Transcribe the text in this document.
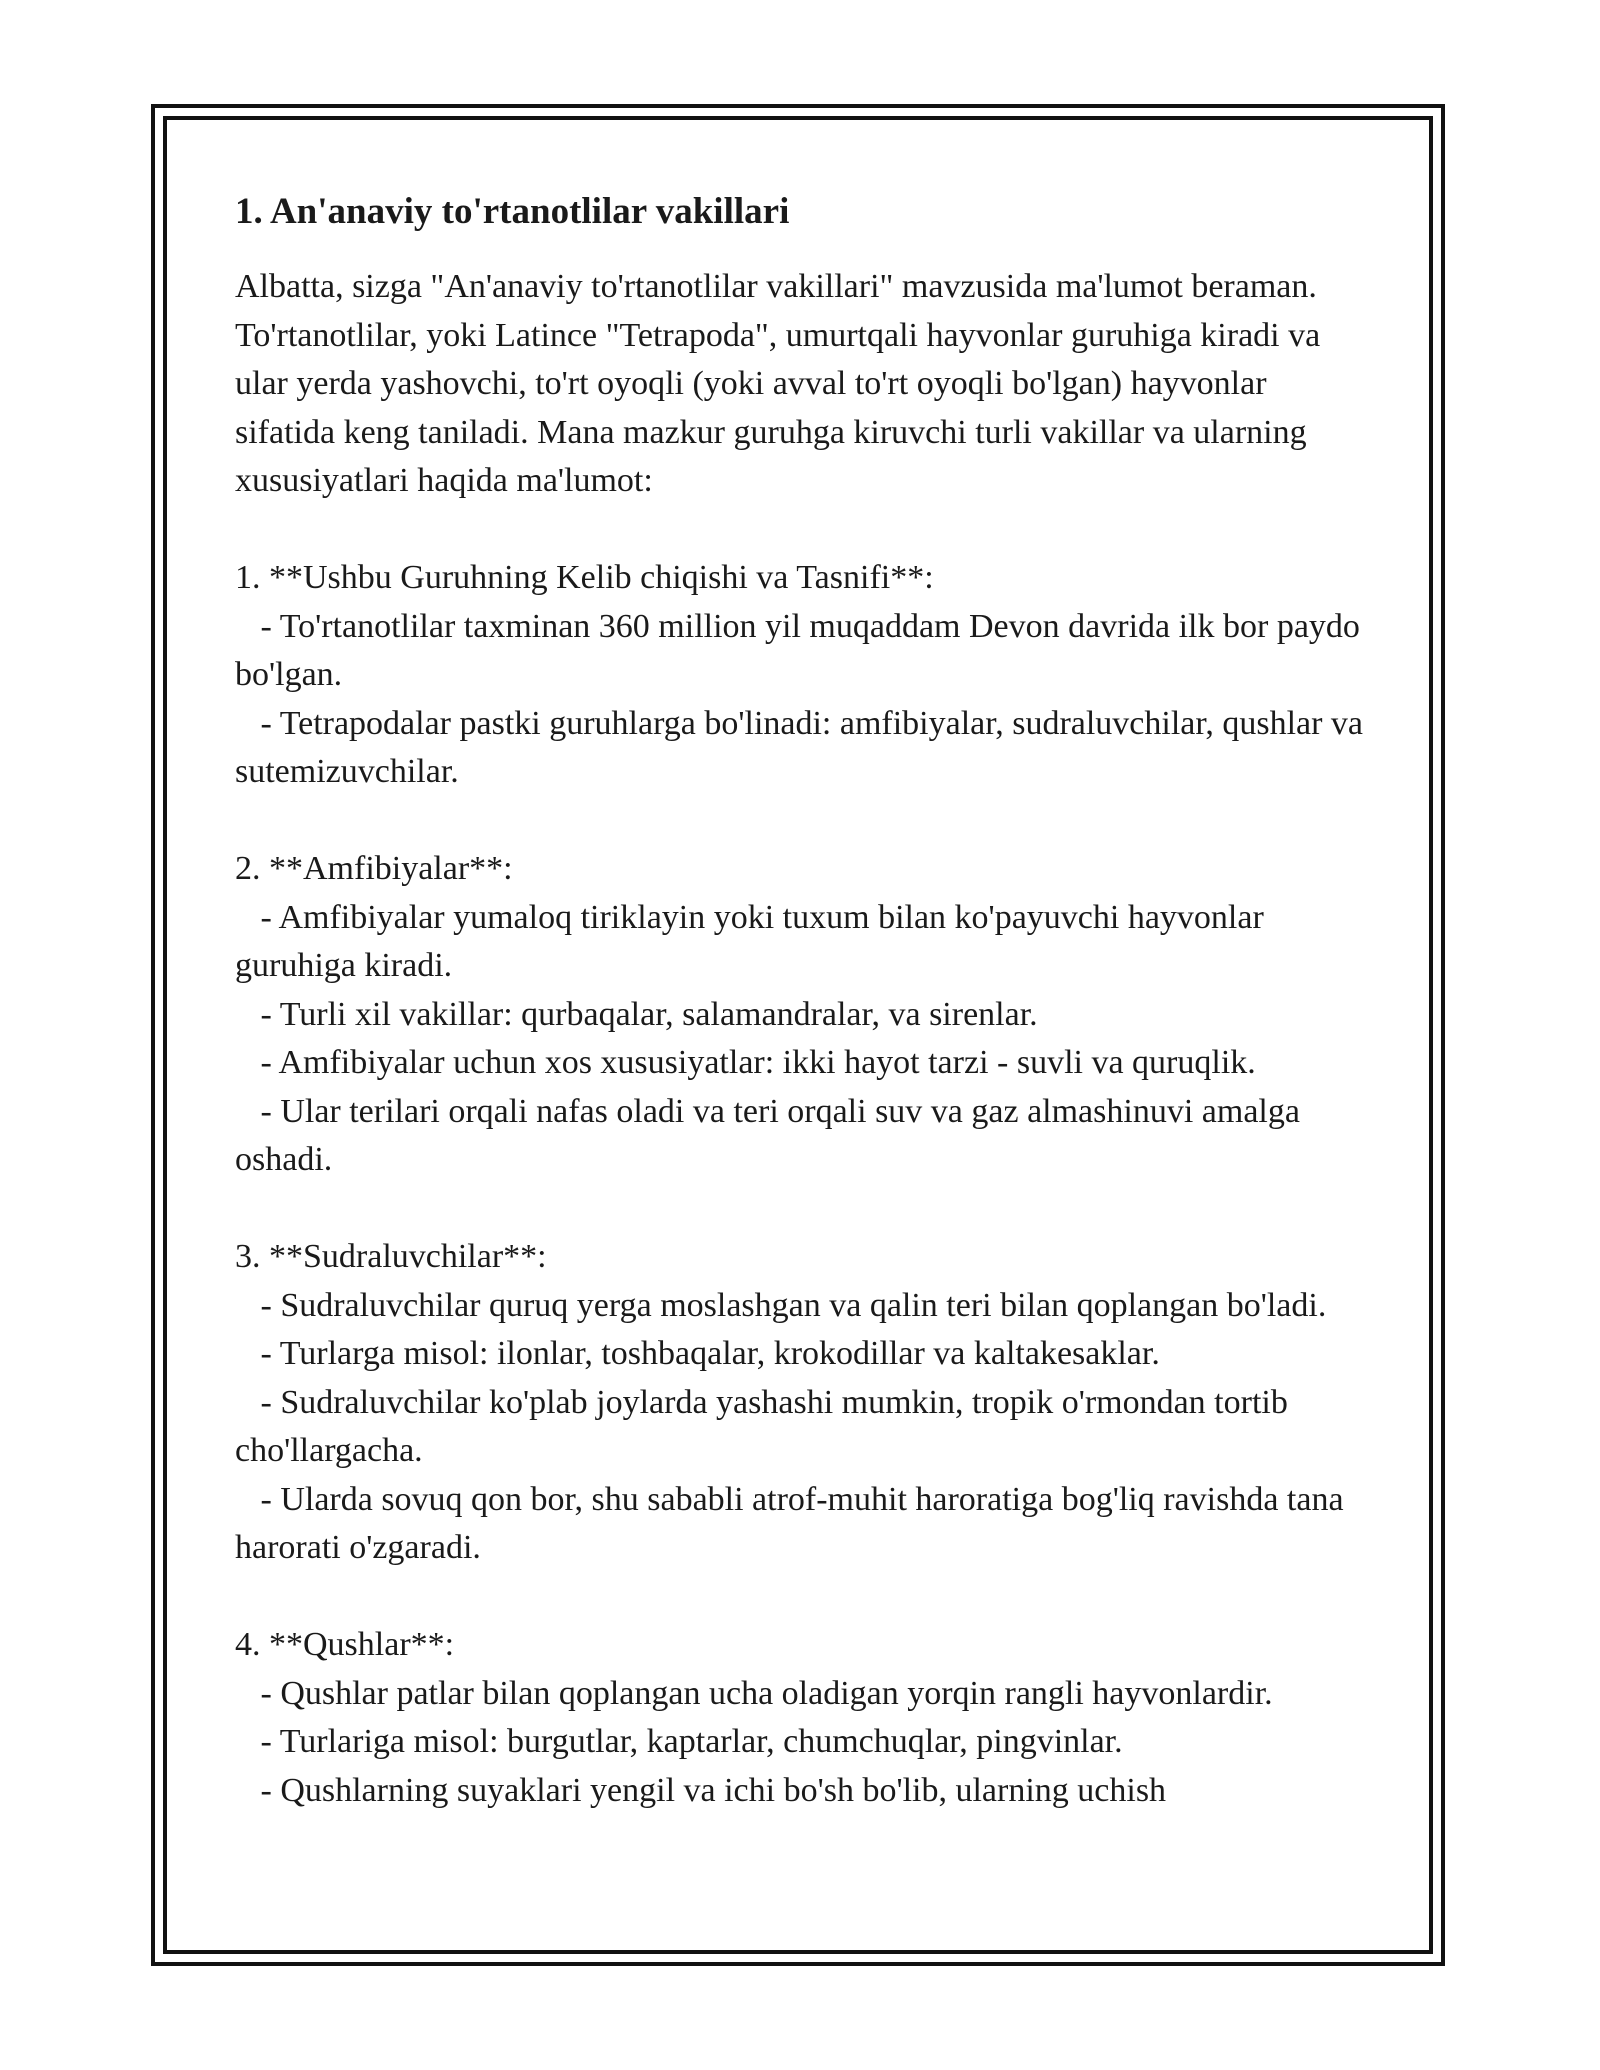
1. An'anaviy to'rtanotlilar vakillari

Albatta, sizga "An'anaviy to'rtanotlilar vakillari" mavzusida ma'lumot beraman. To'rtanotlilar, yoki Latince "Tetrapoda", umurtqali hayvonlar guruhiga kiradi va ular yerda yashovchi, to'rt oyoqli (yoki avval to'rt oyoqli bo'lgan) hayvonlar sifatida keng taniladi. Mana mazkur guruhga kiruvchi turli vakillar va ularning xususiyatlari haqida ma'lumot:

1. **Ushbu Guruhning Kelib chiqishi va Tasnifi**:

- To'rtanotlilar taxminan 360 million yil muqaddam Devon davrida ilk bor paydo bo'lgan.

- Tetrapodalar pastki guruhlarga bo'linadi: amfibiyalar, sudraluvchilar, qushlar va sutemizuvchilar.

2. **Amfibiyalar**:

- Amfibiyalar yumaloq tiriklayin yoki tuxum bilan ko'payuvchi hayvonlar guruhiga kiradi.

- Turli xil vakillar: qurbaqalar, salamandralar, va sirenlar.

- Amfibiyalar uchun xos xususiyatlar: ikki hayot tarzi - suvli va quruqlik.

- Ular terilari orqali nafas oladi va teri orqali suv va gaz almashinuvi amalga oshadi.

3. **Sudraluvchilar**:

- Sudraluvchilar quruq yerga moslashgan va qalin teri bilan qoplangan bo'ladi.

- Turlarga misol: ilonlar, toshbaqalar, krokodillar va kaltakesaklar.

- Sudraluvchilar ko'plab joylarda yashashi mumkin, tropik o'rmondan tortib cho'llargacha.

- Ularda sovuq qon bor, shu sababli atrof-muhit haroratiga bog'liq ravishda tana harorati o'zgaradi.

4. **Qushlar**:

- Qushlar patlar bilan qoplangan ucha oladigan yorqin rangli hayvonlardir.

- Turlariga misol: burgutlar, kaptarlar, chumchuqlar, pingvinlar.

- Qushlarning suyaklari yengil va ichi bo'sh bo'lib, ularning uchish
